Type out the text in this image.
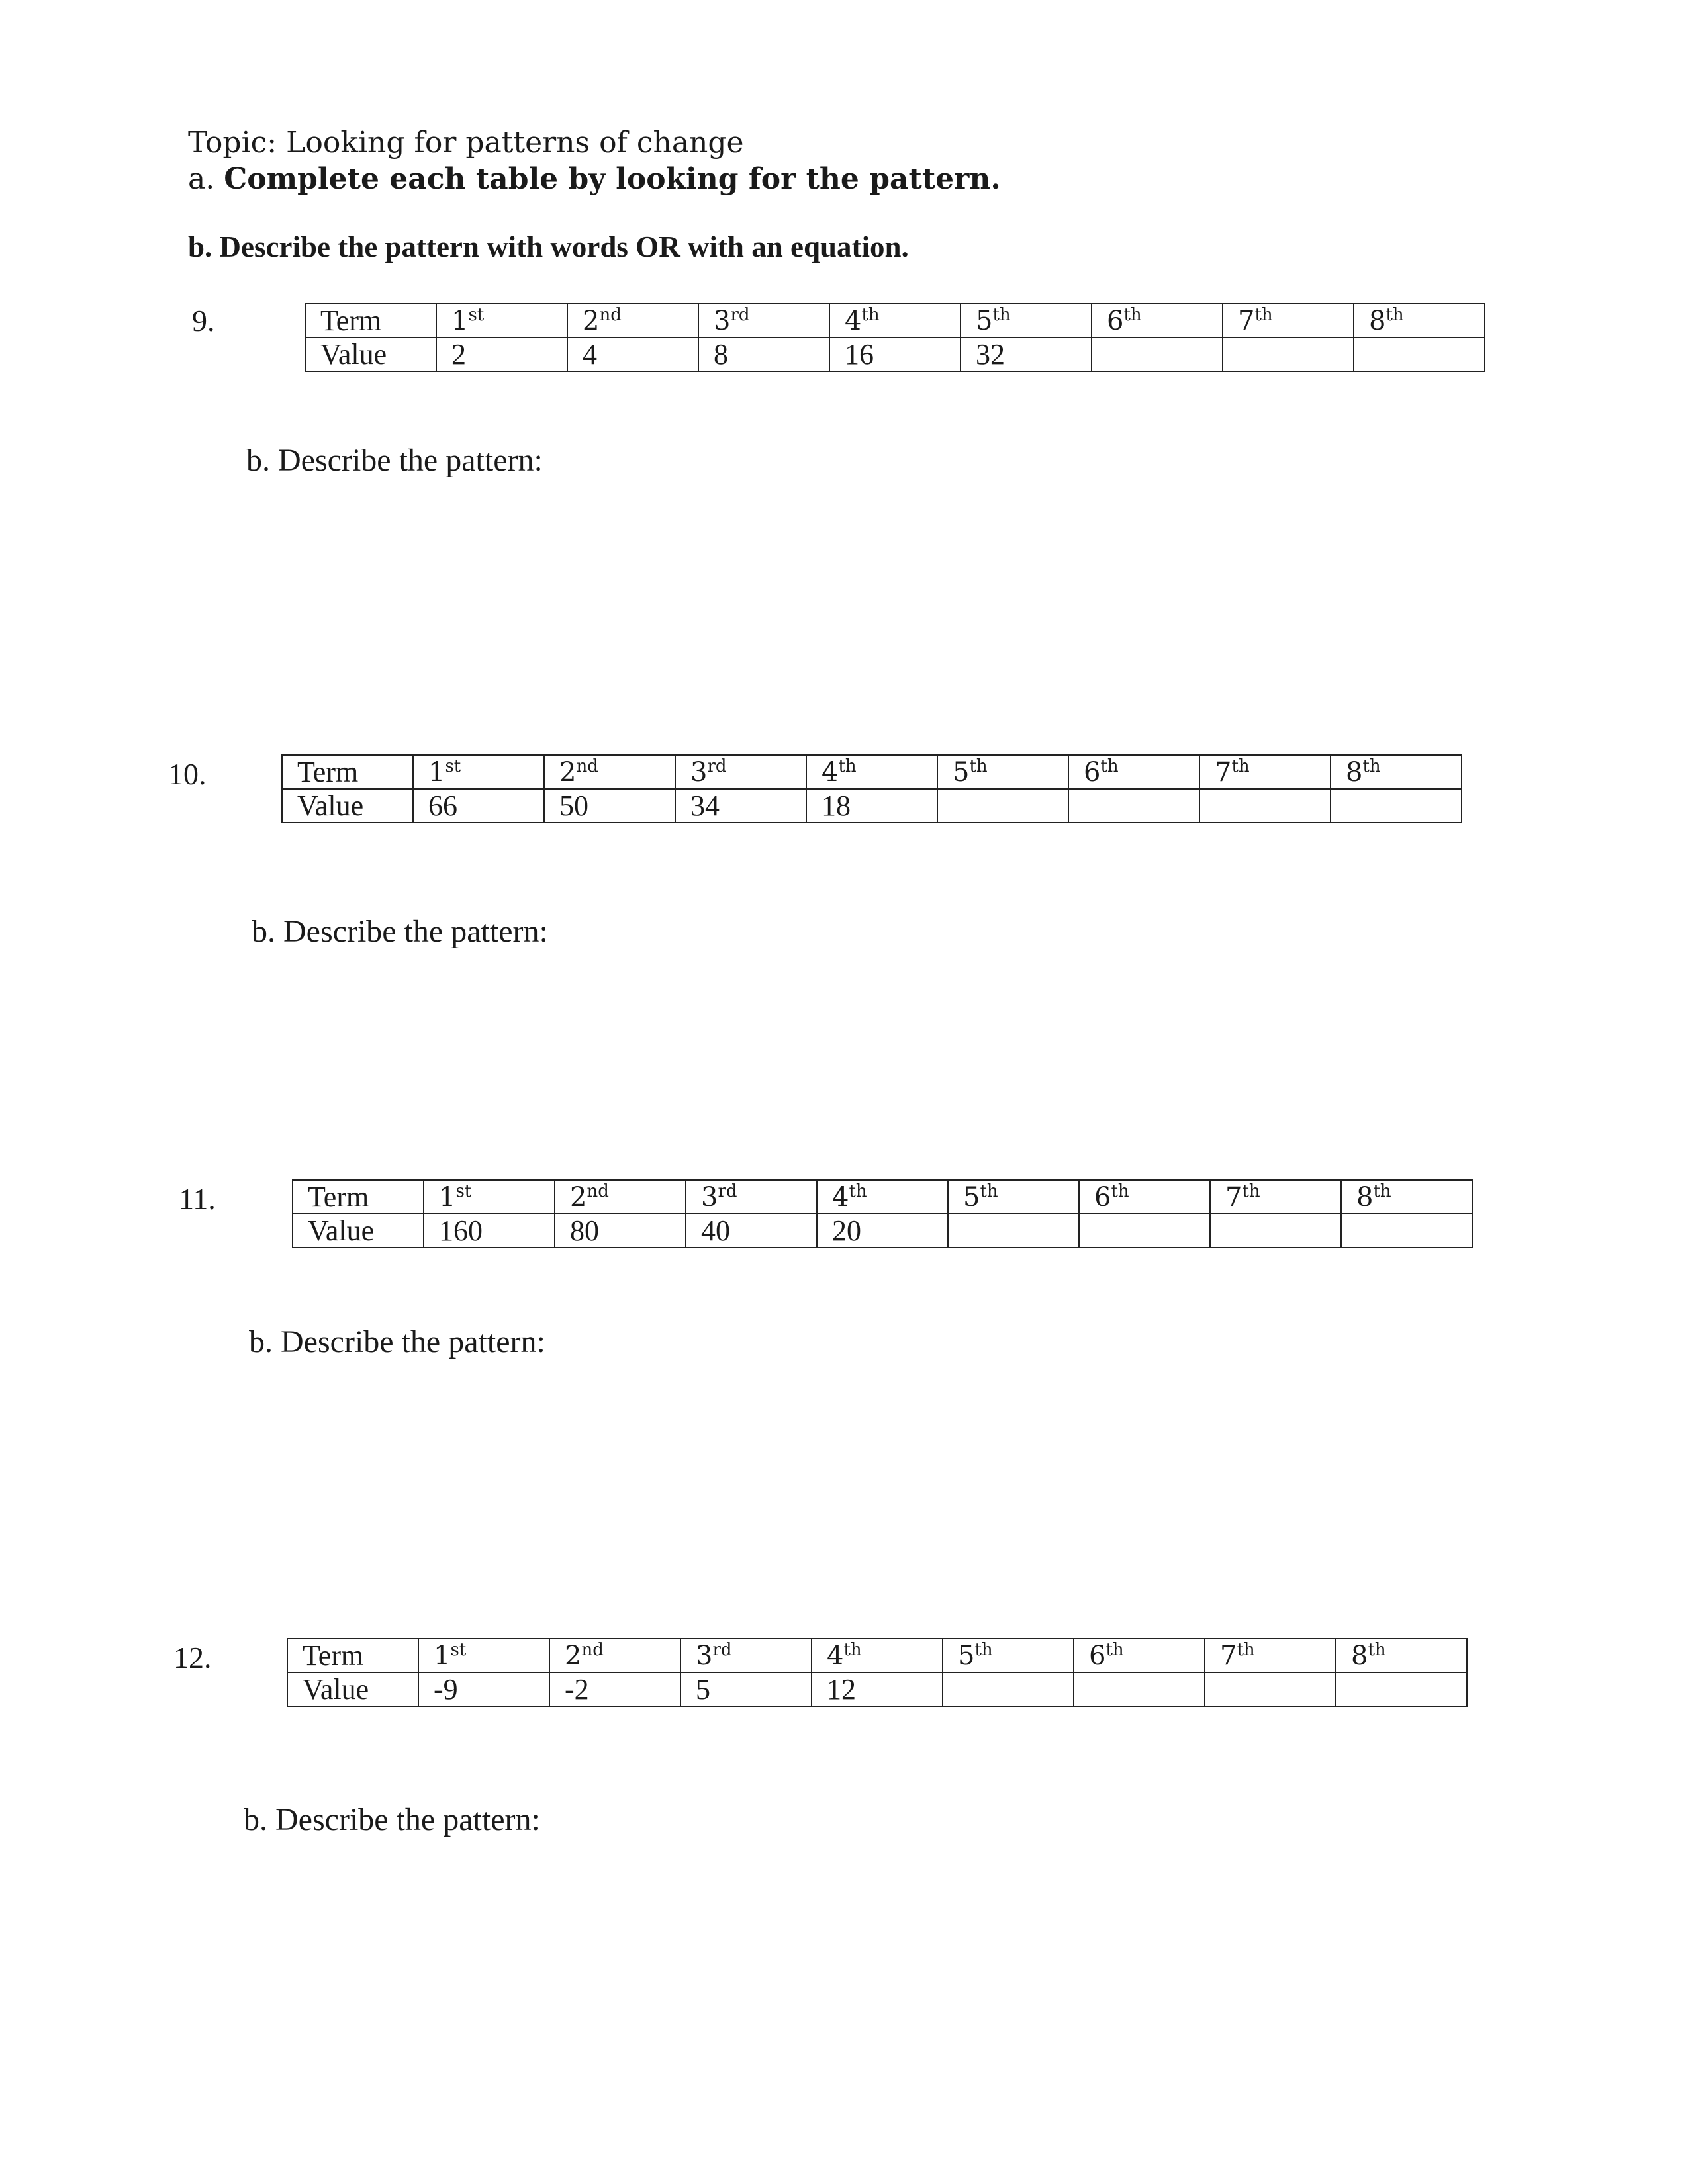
Topic: Looking for patterns of change
a. Complete each table by looking for the pattern.
b. Describe the pattern with words OR with an equation.
9.	Term	1st	2nd	3rd	4th	5th	6th	7th	8th
Value	2	4	8	16	32			
b. Describe the pattern:
10.	Term	1st	2nd	3rd	4th	5th	6th	7th	8th
Value	66	50	34	18				
b. Describe the pattern:
11.	Term	1st	2nd	3rd	4th	5th	6th	7th	8th
Value	160	80	40	20				
b. Describe the pattern:
12.	Term	1st	2nd	3rd	4th	5th	6th	7th	8th
Value	-9	-2	5	12				
b. Describe the pattern:
